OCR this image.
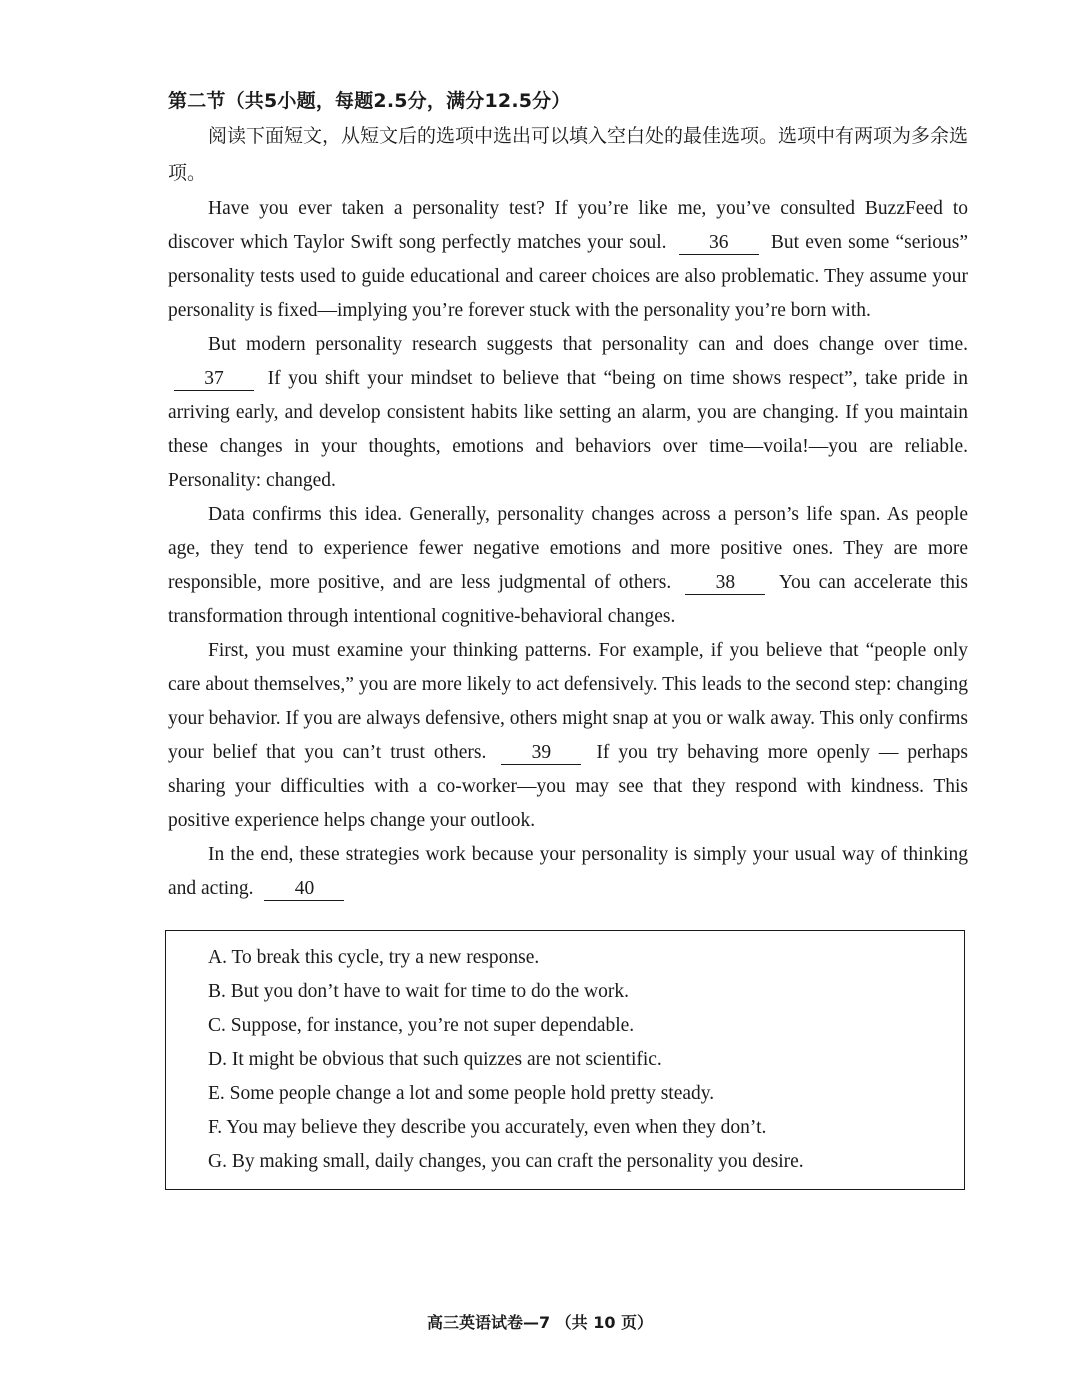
第二节（共5小题，每题2.5分，满分12.5分）

阅读下面短文，从短文后的选项中选出可以填入空白处的最佳选项。选项中有两项为多余选项。

Have you ever taken a personality test? If you’re like me, you’ve consulted BuzzFeed to discover which Taylor Swift song perfectly matches your soul. 36 But even some “serious” personality tests used to guide educational and career choices are also problematic. They assume your personality is fixed—implying you’re forever stuck with the personality you’re born with.

But modern personality research suggests that personality can and does change over time. 37 If you shift your mindset to believe that “being on time shows respect”, take pride in arriving early, and develop consistent habits like setting an alarm, you are changing. If you maintain these changes in your thoughts, emotions and behaviors over time—voila!—you are reliable. Personality: changed.

Data confirms this idea. Generally, personality changes across a person’s life span. As people age, they tend to experience fewer negative emotions and more positive ones. They are more responsible, more positive, and are less judgmental of others. 38 You can accelerate this transformation through intentional cognitive-behavioral changes.

First, you must examine your thinking patterns. For example, if you believe that “people only care about themselves,” you are more likely to act defensively. This leads to the second step: changing your behavior. If you are always defensive, others might snap at you or walk away. This only confirms your belief that you can’t trust others. 39 If you try behaving more openly — perhaps sharing your difficulties with a co-worker—you may see that they respond with kindness. This positive experience helps change your outlook.

In the end, these strategies work because your personality is simply your usual way of thinking and acting. 40

A. To break this cycle, try a new response.

B. But you don’t have to wait for time to do the work.

C. Suppose, for instance, you’re not super dependable.

D. It might be obvious that such quizzes are not scientific.

E. Some people change a lot and some people hold pretty steady.

F. You may believe they describe you accurately, even when they don’t.

G. By making small, daily changes, you can craft the personality you desire.

高三英语试卷—7 （共 10 页）
